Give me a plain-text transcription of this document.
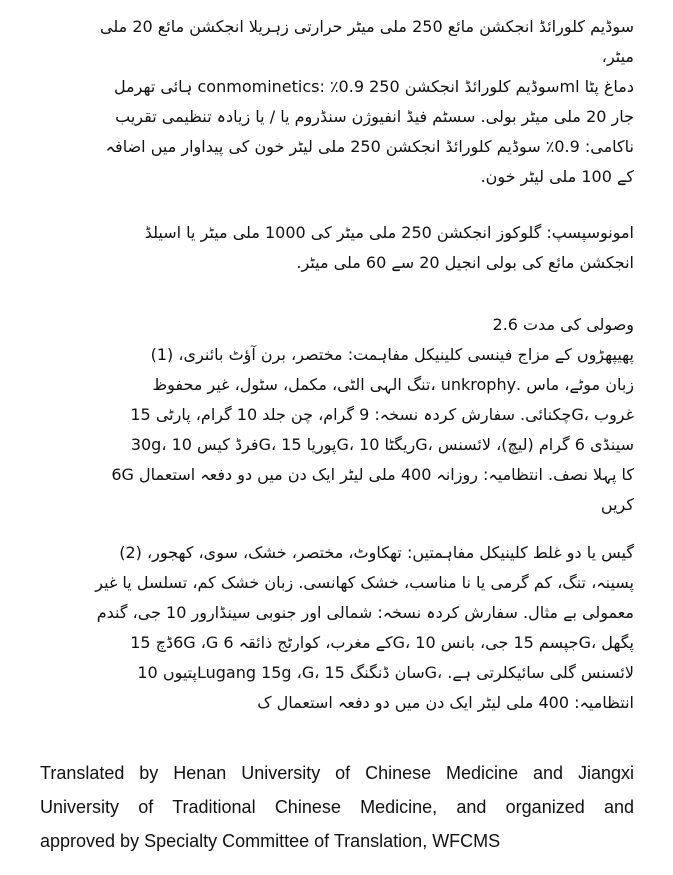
سوڈیم کلورائڈ انجکشن مائع 250 ملی میٹر حرارتی زہریلا انجکشن مائع 20 ملی
میٹر،
دماغ پٹا mlسوڈیم کلورائڈ انجکشن 250 0.9٪ :conmominetics ہائی تھرمل
جار 20 ملی میٹر بولی. سسٹم فیڈ انفیوژن سنڈروم یا / یا زیادہ تنظیمی تقریب
ناکامی: 0.9٪ سوڈیم کلورائڈ انجکشن 250 ملی لیٹر خون کی پیداوار میں اضافہ
کے 100 ملی لیٹر خون.
امونوسپسپ: گلوکوز انجکشن 250 ملی میٹر کی 1000 ملی میٹر یا اسیلڈ
انجکشن مائع کی بولی انجیل 20 سے 60 ملی میٹر.
وصولی کی مدت 2.6
پھیپھڑوں کے مزاج فینسی کلینیکل مفاہمت: مختصر، برن آؤٹ بائنری، (1)
زبان موٹے، ماس .unkrophy ،تنگ الہی الٹی، مکمل، سٹول، غیر محفوظ
غروب ،Gچکنائی. سفارش کردہ نسخہ: 9 گرام، چن جلد 10 گرام، پارٹی 15
سینڈی 6 گرام (لیچ)، لائسنس ،Gریگٹا 10 ،Gپوریا 15 ،Gفرڈ کیس 10 ،30g
کا پہلا نصف. انتظامیہ: روزانہ 400 ملی لیٹر ایک دن میں دو دفعہ استعمال 6G
کریں
گیس یا دو غلط کلینیکل مفاہمتیں: تھکاوٹ، مختصر، خشک، سوی، کھجور، (2)
پسینہ، تنگ، کم گرمی یا نا مناسب، خشک کھانسی. زبان خشک کم، تسلسل یا غیر
معمولی بے مثال. سفارش کردہ نسخہ: شمالی اور جنوبی سینڈارور 10 جی، گندم
پگھل ،Gجپسم 15 جی، بانس 10 ،Gکے مغرب، کوارٹج ذائقہ 6 6G ،Gڈچ 15
لائسنس گلی سائیکلرتی ہے. ،Gسان ڈنگنگ 15 ،Lugang 15g ،Gپتیوں 10
انتظامیہ: 400 ملی لیٹر ایک دن میں دو دفعہ استعمال ک
Translated by Henan University of Chinese Medicine and Jiangxi
University of Traditional Chinese Medicine, and organized and
approved by Specialty Committee of Translation, WFCMS
